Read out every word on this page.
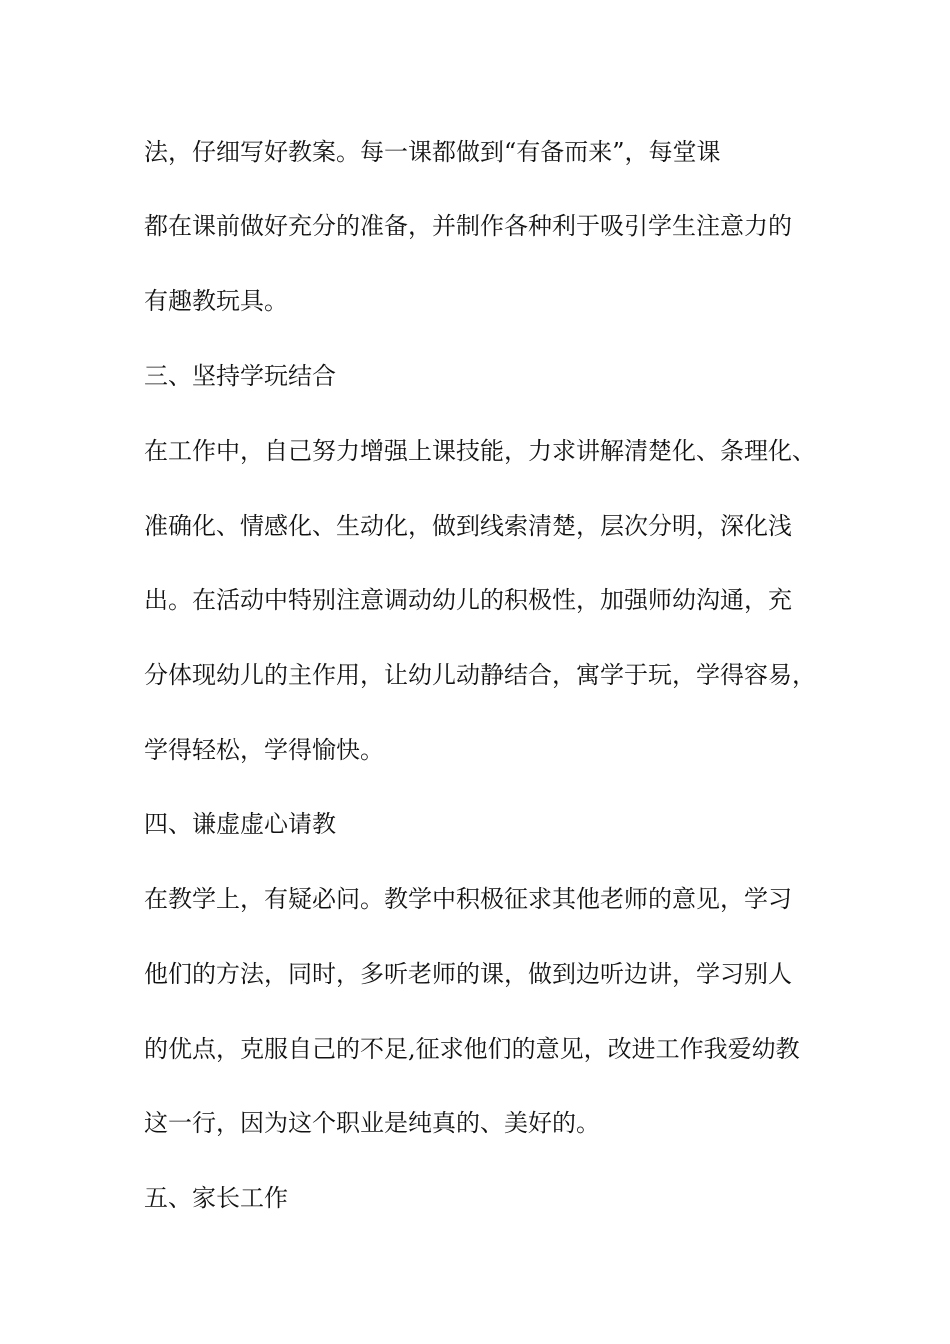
法，仔细写好教案。每一课都做到“有备而来”，每堂课

都在课前做好充分的准备，并制作各种利于吸引学生注意力的

有趣教玩具。

三、坚持学玩结合

在工作中，自己努力增强上课技能，力求讲解清楚化、条理化、

准确化、情感化、生动化，做到线索清楚，层次分明，深化浅

出。在活动中特别注意调动幼儿的积极性，加强师幼沟通，充

分体现幼儿的主作用，让幼儿动静结合，寓学于玩，学得容易，

学得轻松，学得愉快。

四、谦虚虚心请教

在教学上，有疑必问。教学中积极征求其他老师的意见，学习

他们的方法，同时，多听老师的课，做到边听边讲，学习别人

的优点，克服自己的不足,征求他们的意见，改进工作我爱幼教

这一行，因为这个职业是纯真的、美好的。

五、家长工作
